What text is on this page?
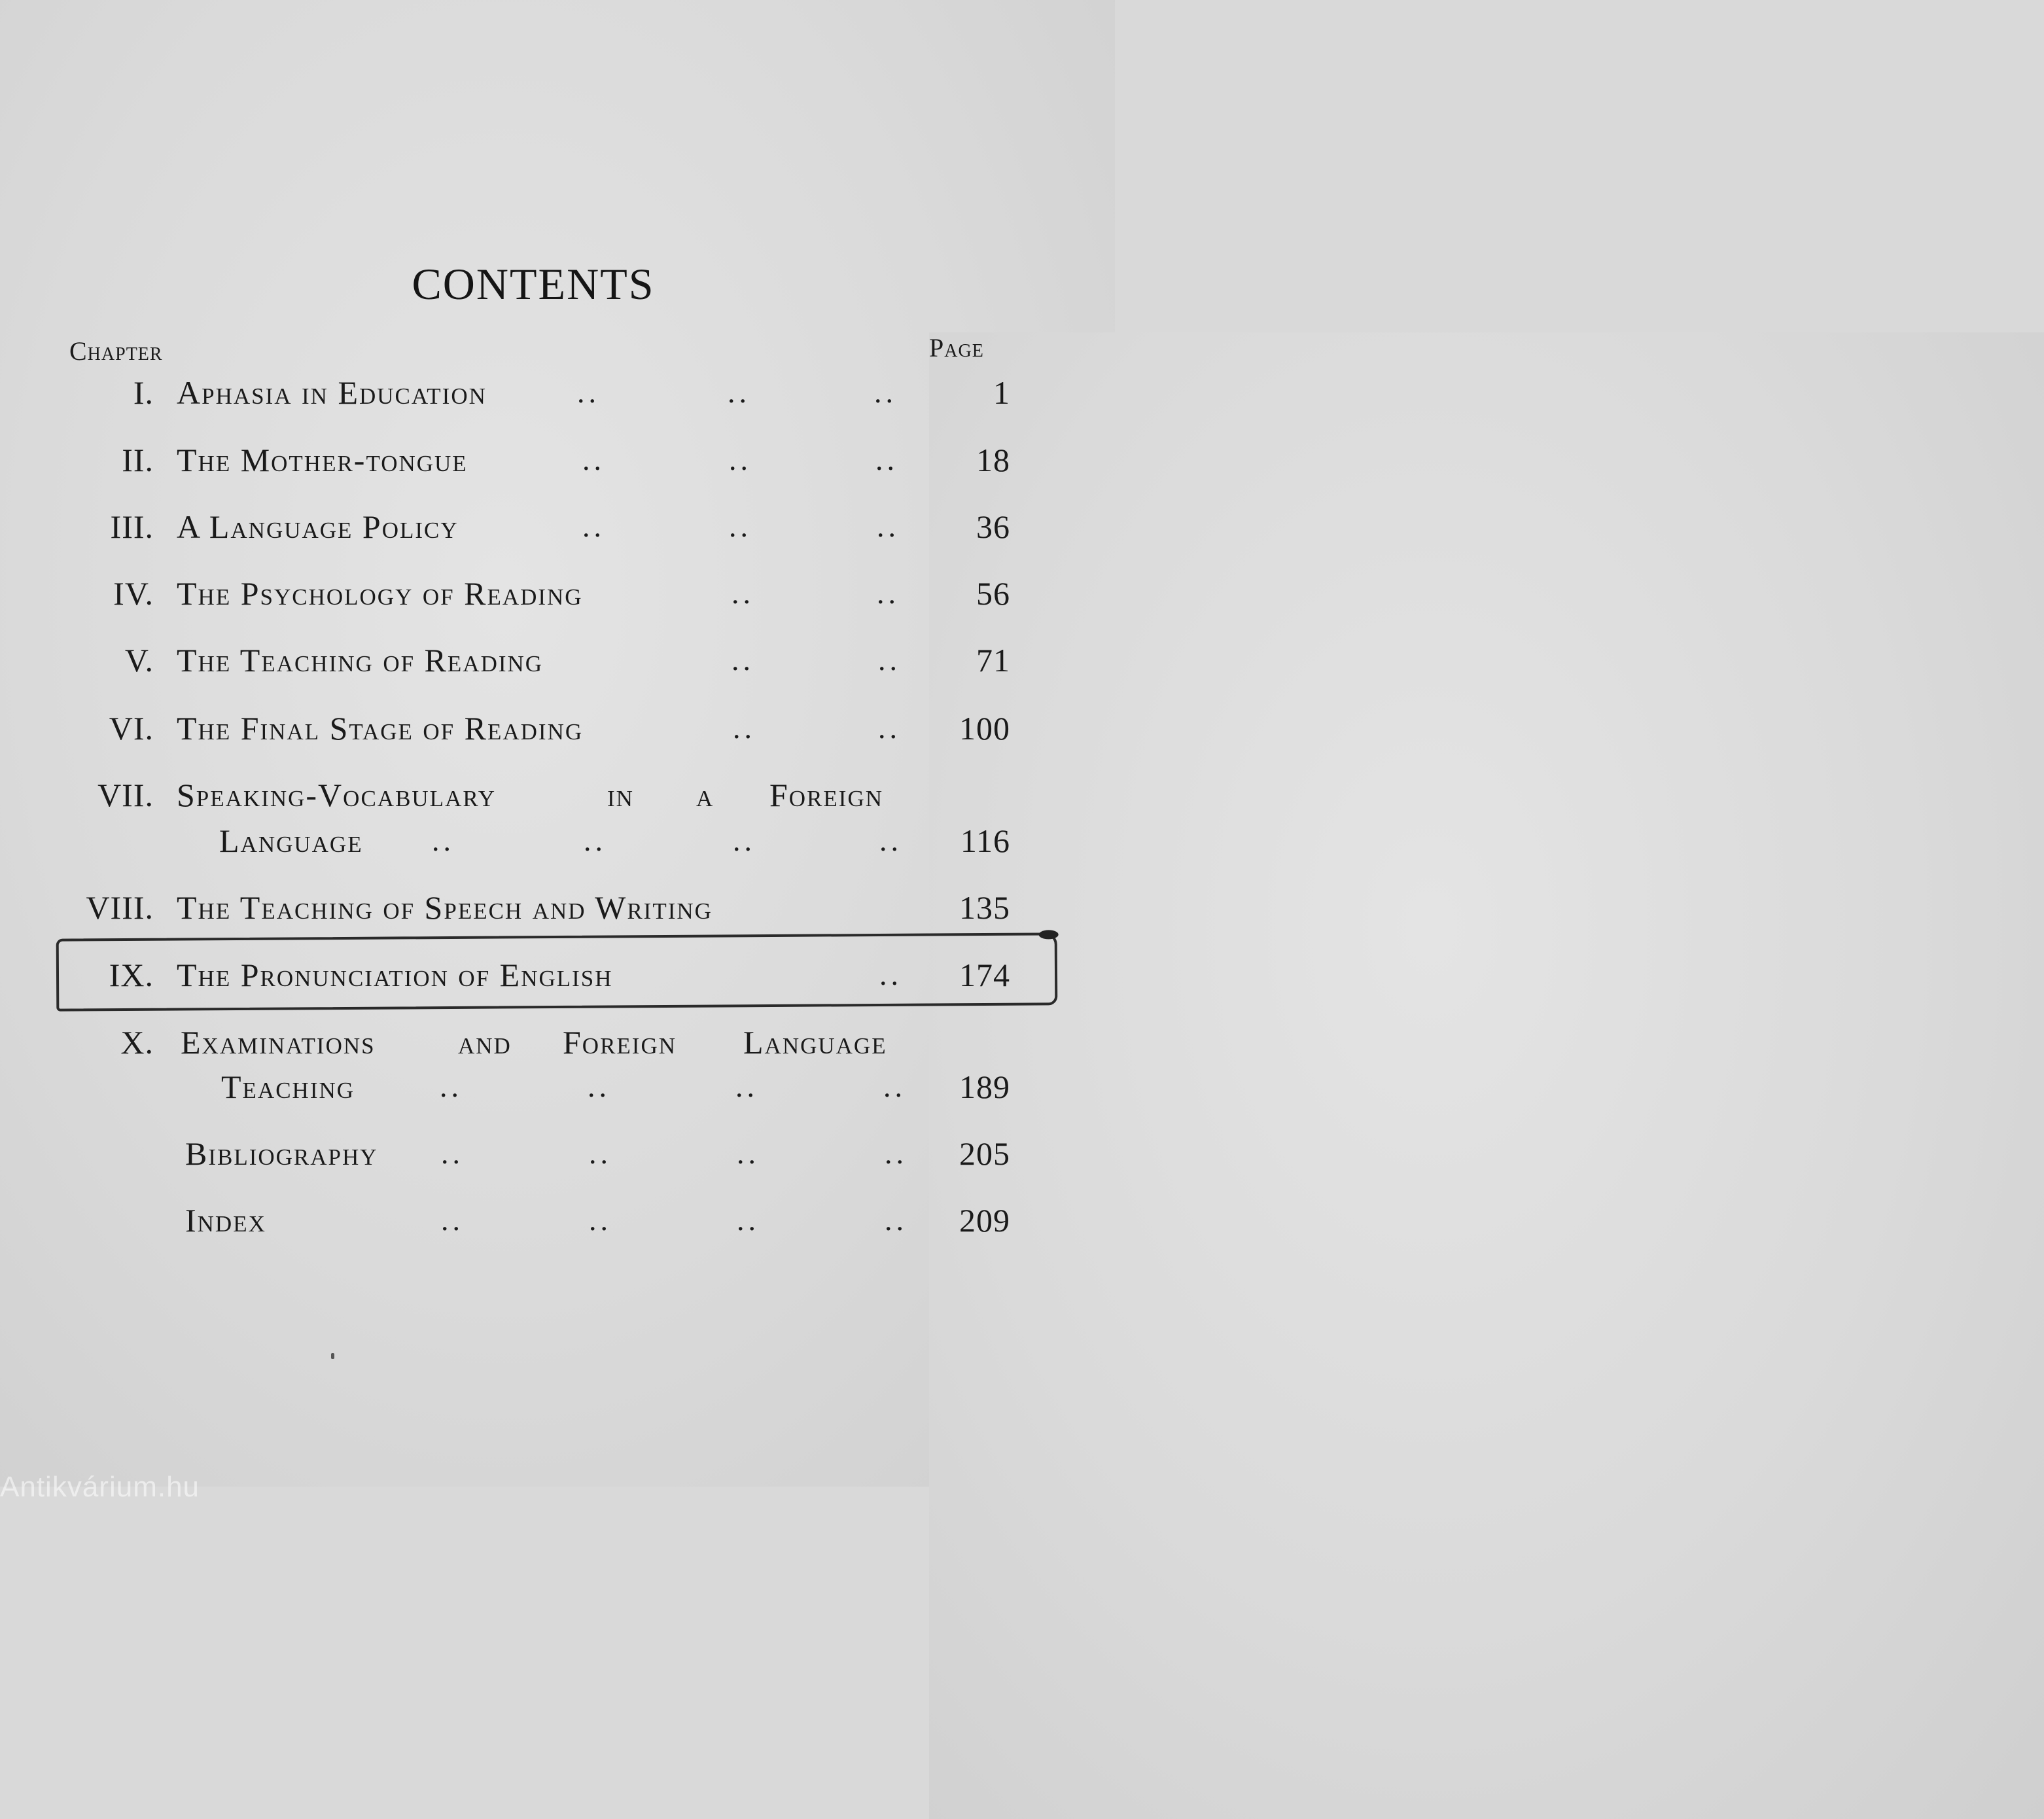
CONTENTS
Chapter	Page
I. Aphasia in Education	..	..	..	1
II. The Mother-tongue	..	..	.. 18
III. A Language Policy	..	..	.. 36
IV. The Psychology of Reading	..	.. 56
V. The Teaching of Reading	..	.. 71
VI. The Final Stage of Reading	..	.. 100
VII. Speaking-Vocabulary	in a Foreign
Language ..	..	..	.. 116
VIII. The Teaching of Speech and Writing	135
IX. The Pronunciation of English	.. 174
X. Examinations	and Foreign Language
Teaching	..	..	..	.. 189
Bibliography ..	..	..	.. 205
Index	..	..	..	.. 209
Antikvárium.hu
